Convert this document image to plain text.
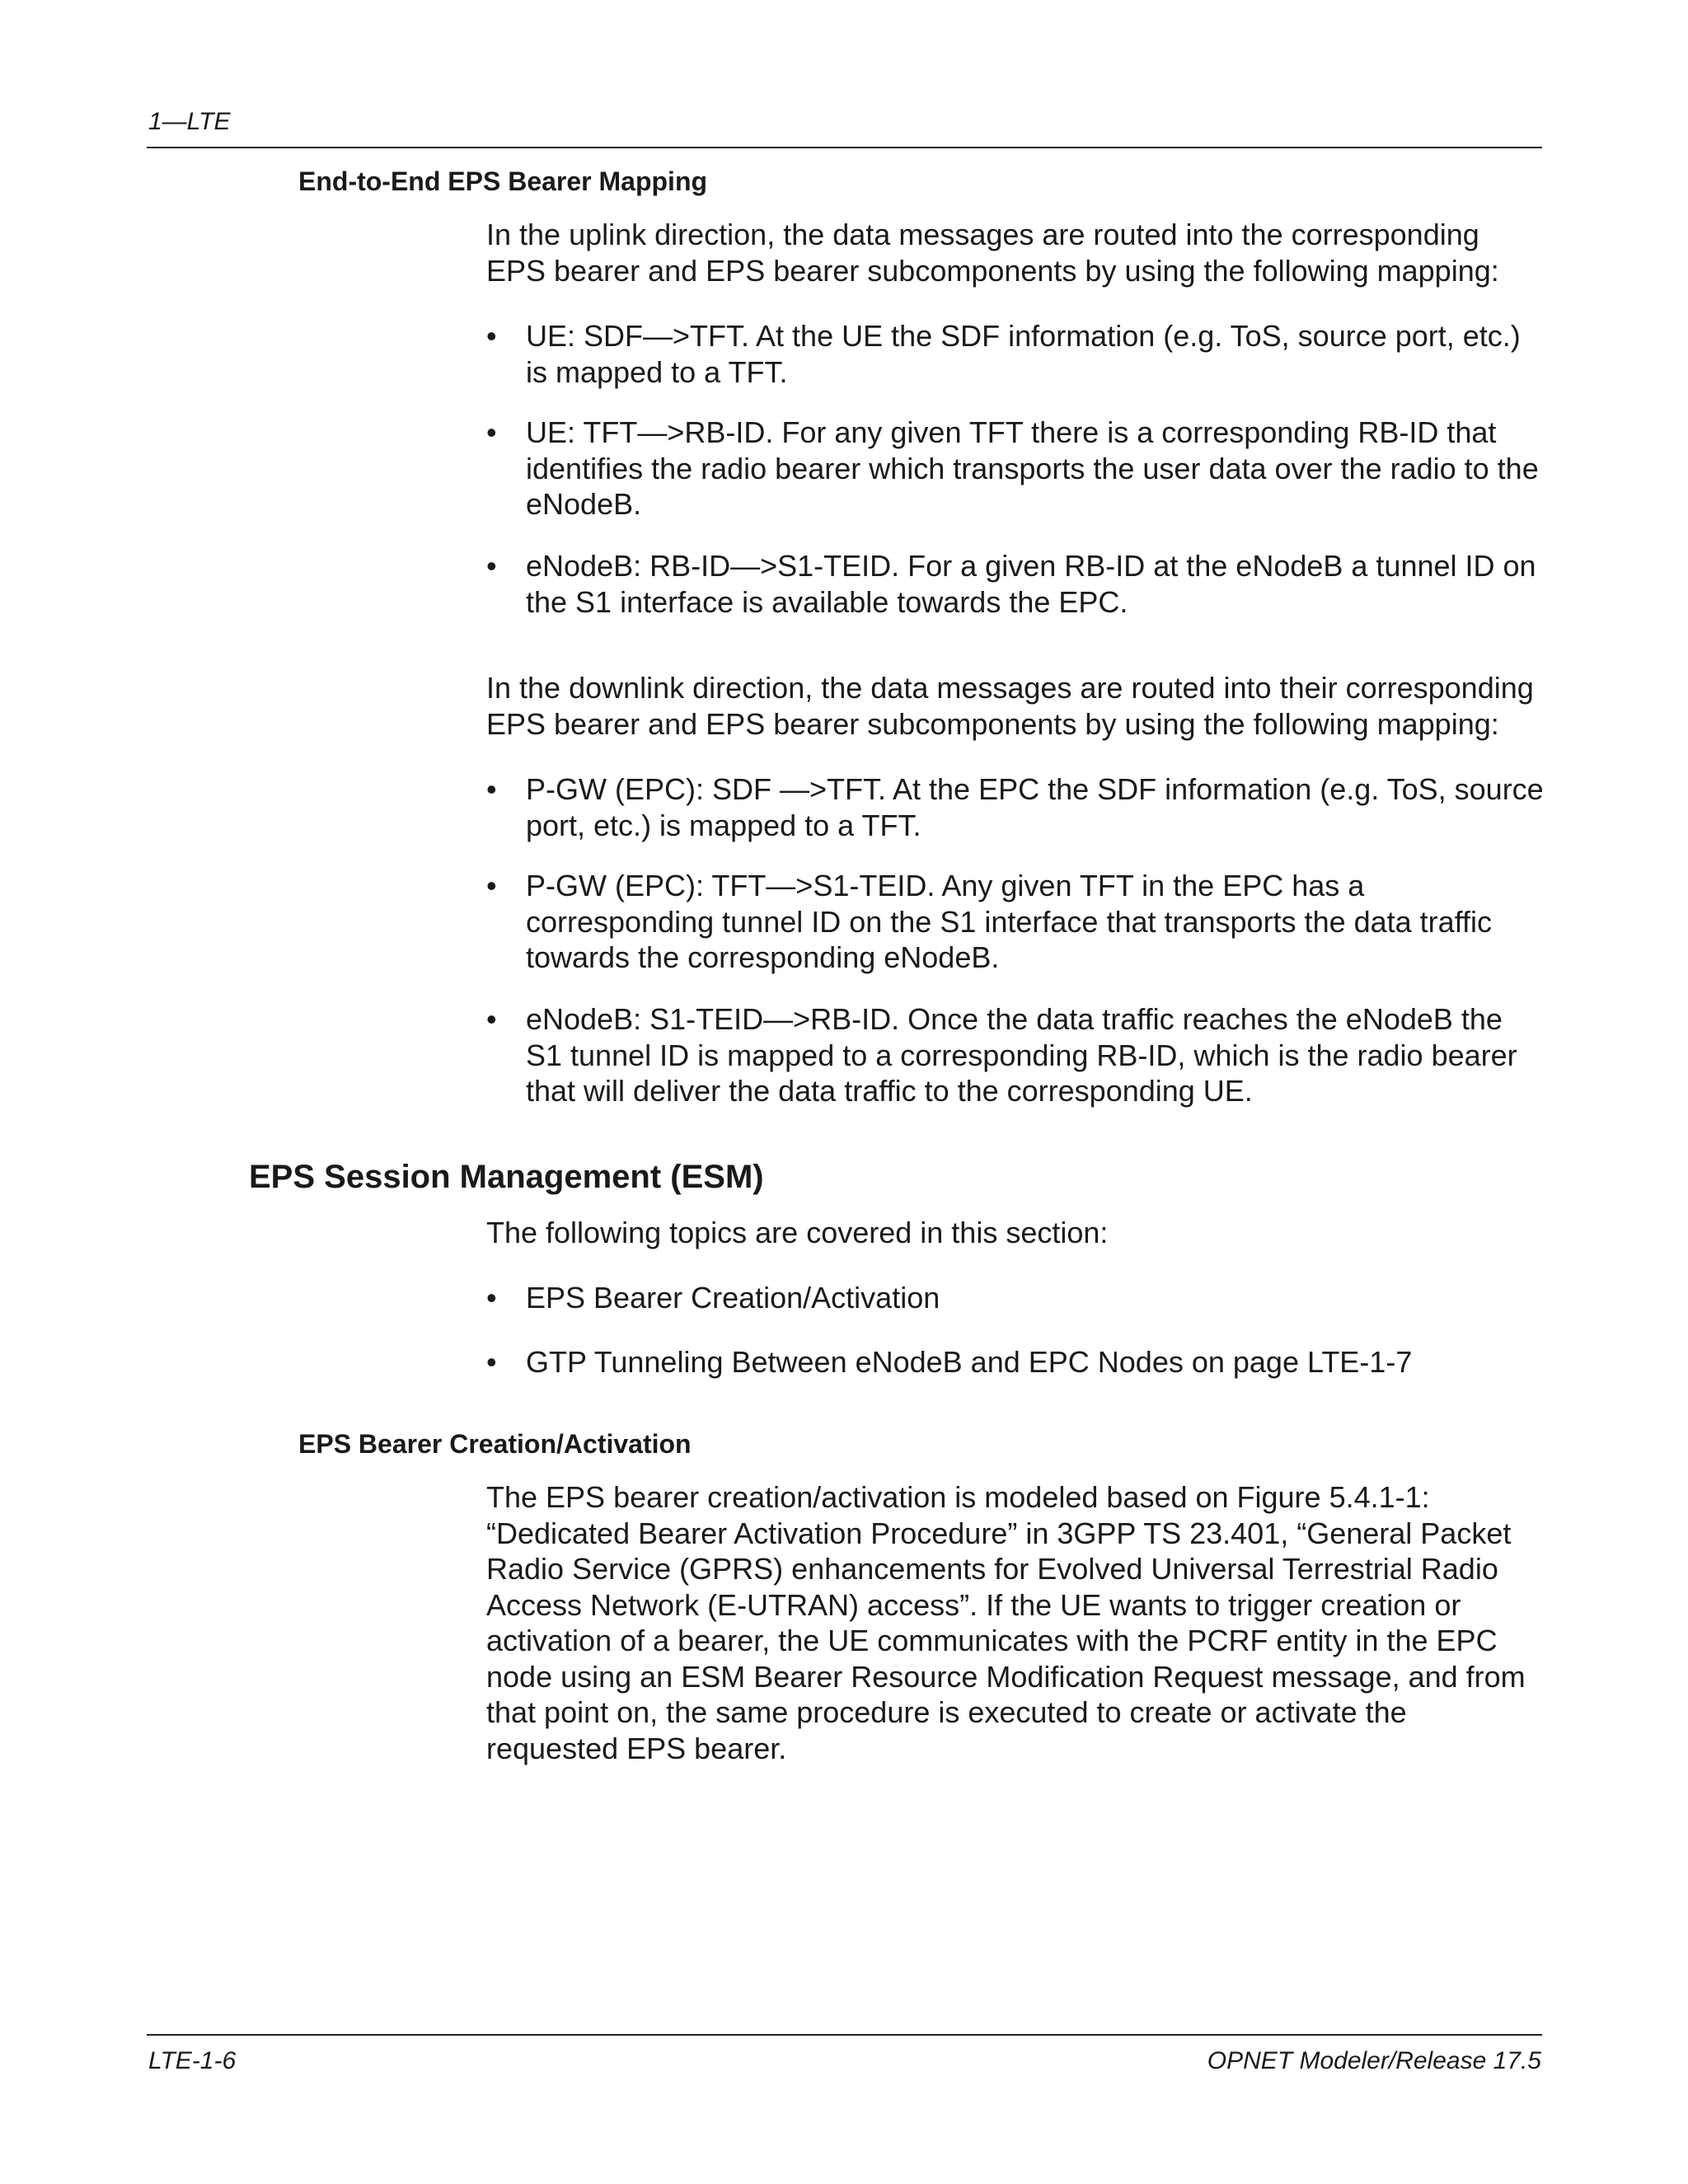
1—LTE
End-to-End EPS Bearer Mapping

In the uplink direction, the data messages are routed into the corresponding EPS bearer and EPS bearer subcomponents by using the following mapping:

• UE: SDF—>TFT. At the UE the SDF information (e.g. ToS, source port, etc.) is mapped to a TFT.
• UE: TFT—>RB-ID. For any given TFT there is a corresponding RB-ID that identifies the radio bearer which transports the user data over the radio to the eNodeB.
• eNodeB: RB-ID—>S1-TEID. For a given RB-ID at the eNodeB a tunnel ID on the S1 interface is available towards the EPC.

In the downlink direction, the data messages are routed into their corresponding EPS bearer and EPS bearer subcomponents by using the following mapping:

• P-GW (EPC): SDF —>TFT. At the EPC the SDF information (e.g. ToS, source port, etc.) is mapped to a TFT.
• P-GW (EPC): TFT—>S1-TEID. Any given TFT in the EPC has a corresponding tunnel ID on the S1 interface that transports the data traffic towards the corresponding eNodeB.
• eNodeB: S1-TEID—>RB-ID. Once the data traffic reaches the eNodeB the S1 tunnel ID is mapped to a corresponding RB-ID, which is the radio bearer that will deliver the data traffic to the corresponding UE.
EPS Session Management (ESM)

The following topics are covered in this section:

• EPS Bearer Creation/Activation
• GTP Tunneling Between eNodeB and EPC Nodes on page LTE-1-7
EPS Bearer Creation/Activation

The EPS bearer creation/activation is modeled based on Figure 5.4.1-1: “Dedicated Bearer Activation Procedure” in 3GPP TS 23.401, “General Packet Radio Service (GPRS) enhancements for Evolved Universal Terrestrial Radio Access Network (E-UTRAN) access”. If the UE wants to trigger creation or activation of a bearer, the UE communicates with the PCRF entity in the EPC node using an ESM Bearer Resource Modification Request message, and from that point on, the same procedure is executed to create or activate the requested EPS bearer.

LTE-1-6	OPNET Modeler/Release 17.5
